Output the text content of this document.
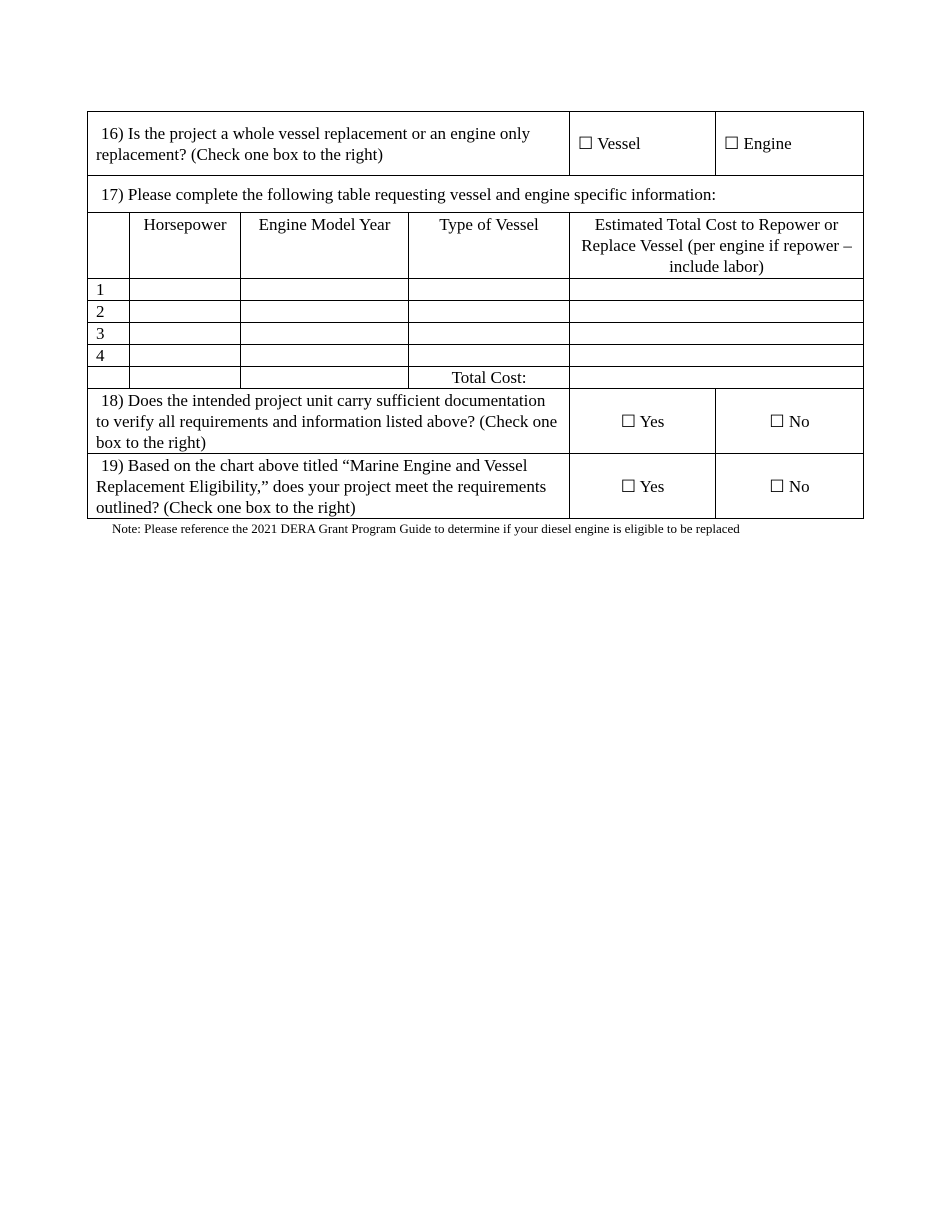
16) Is the project a whole vessel replacement or an engine only replacement? (Check one box to the right)				☐ Vessel	☐ Engine
17) Please complete the following table requesting vessel and engine specific information:					
	Horsepower	Engine Model Year	Type of Vessel	Estimated Total Cost to Repower or Replace Vessel (per engine if repower – include labor)	
1					
2					
3					
4					
			Total Cost:		
18) Does the intended project unit carry sufficient documentation to verify all requirements and information listed above? (Check one box to the right)				☐ Yes	☐ No
19) Based on the chart above titled “Marine Engine and Vessel Replacement Eligibility,” does your project meet the requirements outlined? (Check one box to the right)				☐ Yes	☐ No
Note: Please reference the 2021 DERA Grant Program Guide to determine if your diesel engine is eligible to be replaced
